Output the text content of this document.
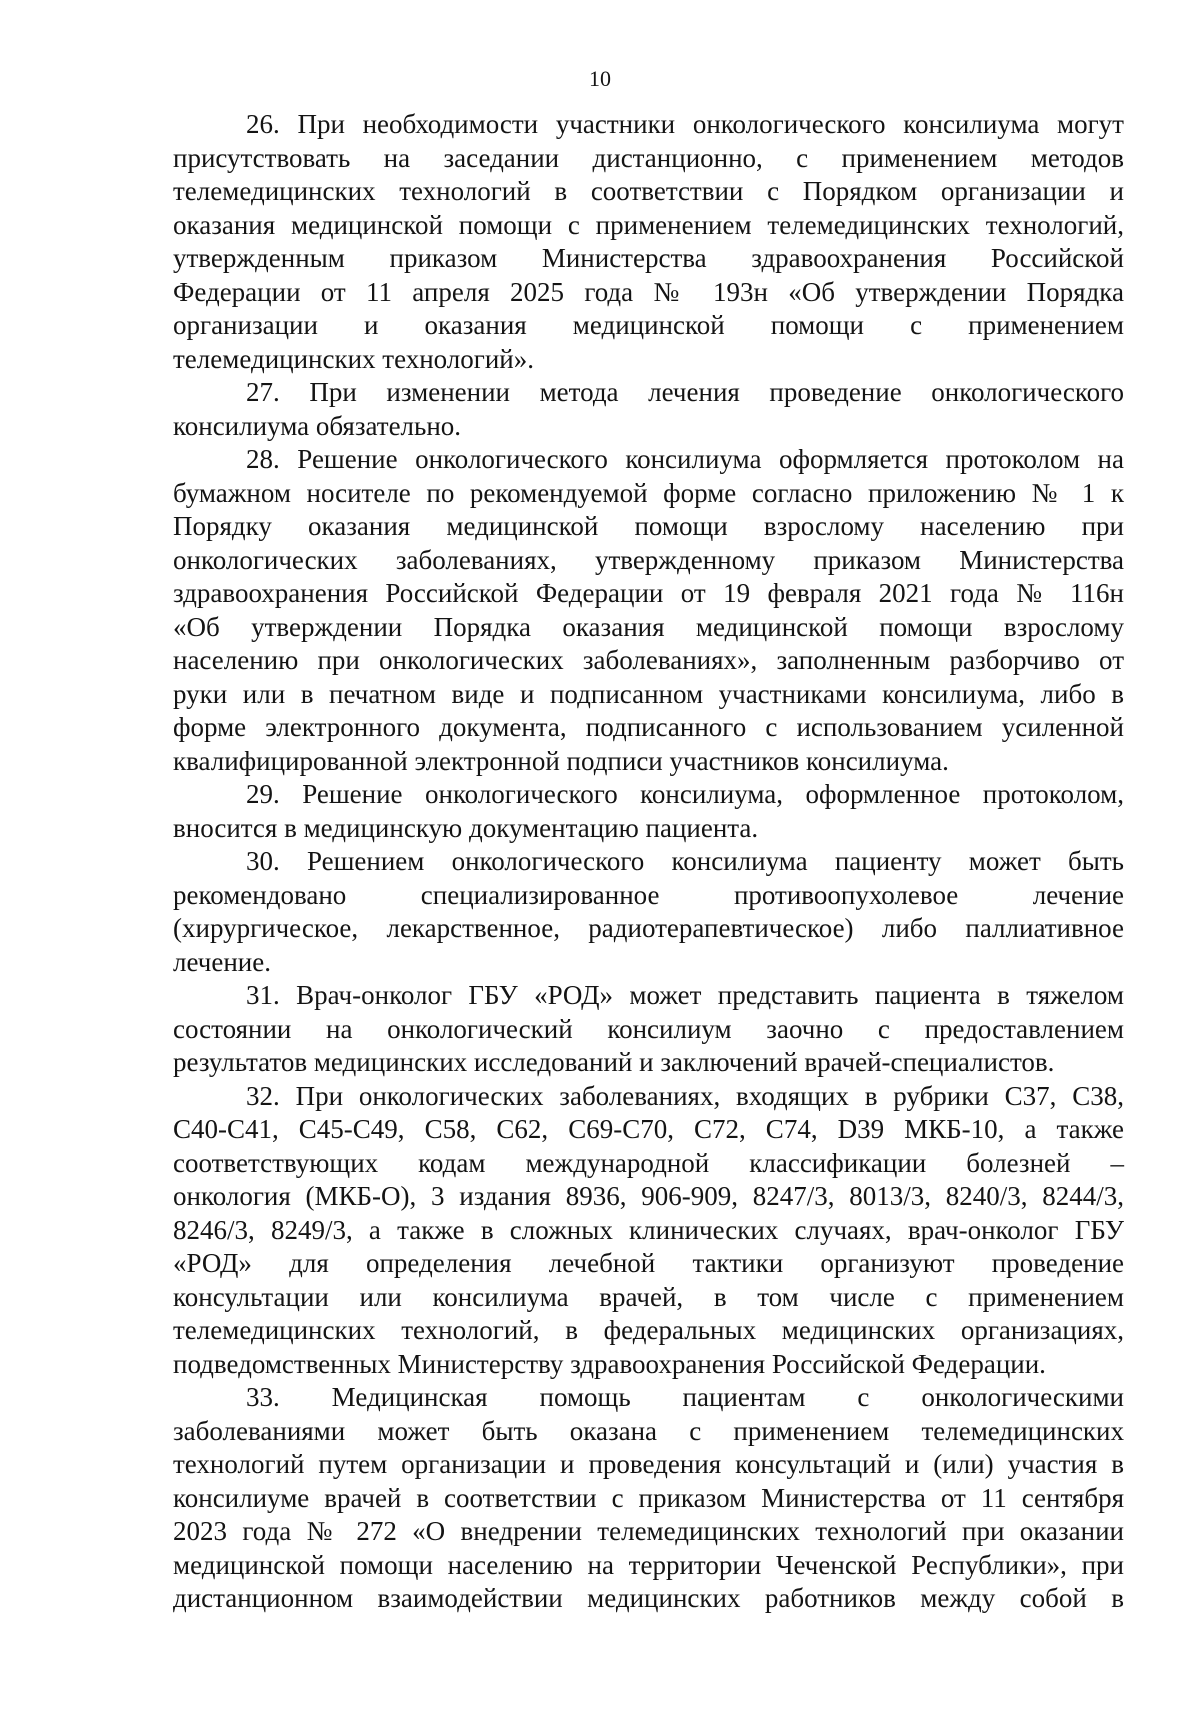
10
26. При необходимости участники онкологического консилиума могут
присутствовать на заседании дистанционно, с применением методов
телемедицинских технологий в соответствии с Порядком организации и
оказания медицинской помощи с применением телемедицинских технологий,
утвержденным приказом Министерства здравоохранения Российской
Федерации от 11 апреля 2025 года № 193н «Об утверждении Порядка
организации и оказания медицинской помощи с применением
телемедицинских технологий».
27. При изменении метода лечения проведение онкологического
консилиума обязательно.
28. Решение онкологического консилиума оформляется протоколом на
бумажном носителе по рекомендуемой форме согласно приложению № 1 к
Порядку оказания медицинской помощи взрослому населению при
онкологических заболеваниях, утвержденному приказом Министерства
здравоохранения Российской Федерации от 19 февраля 2021 года № 116н
«Об утверждении Порядка оказания медицинской помощи взрослому
населению при онкологических заболеваниях», заполненным разборчиво от
руки или в печатном виде и подписанном участниками консилиума, либо в
форме электронного документа, подписанного с использованием усиленной
квалифицированной электронной подписи участников консилиума.
29. Решение онкологического консилиума, оформленное протоколом,
вносится в медицинскую документацию пациента.
30. Решением онкологического консилиума пациенту может быть
рекомендовано специализированное противоопухолевое лечение
(хирургическое, лекарственное, радиотерапевтическое) либо паллиативное
лечение.
31. Врач-онколог ГБУ «РОД» может представить пациента в тяжелом
состоянии на онкологический консилиум заочно с предоставлением
результатов медицинских исследований и заключений врачей-специалистов.
32. При онкологических заболеваниях, входящих в рубрики С37, С38,
С40-С41, С45-С49, С58, С62, С69-С70, С72, С74, D39 МКБ-10, а также
соответствующих кодам международной классификации болезней –
онкология (МКБ-О), 3 издания 8936, 906-909, 8247/3, 8013/3, 8240/3, 8244/3,
8246/3, 8249/3, а также в сложных клинических случаях, врач-онколог ГБУ
«РОД» для определения лечебной тактики организуют проведение
консультации или консилиума врачей, в том числе с применением
телемедицинских технологий, в федеральных медицинских организациях,
подведомственных Министерству здравоохранения Российской Федерации.
33. Медицинская помощь пациентам с онкологическими
заболеваниями может быть оказана с применением телемедицинских
технологий путем организации и проведения консультаций и (или) участия в
консилиуме врачей в соответствии с приказом Министерства от 11 сентября
2023 года № 272 «О внедрении телемедицинских технологий при оказании
медицинской помощи населению на территории Чеченской Республики», при
дистанционном взаимодействии медицинских работников между собой в
